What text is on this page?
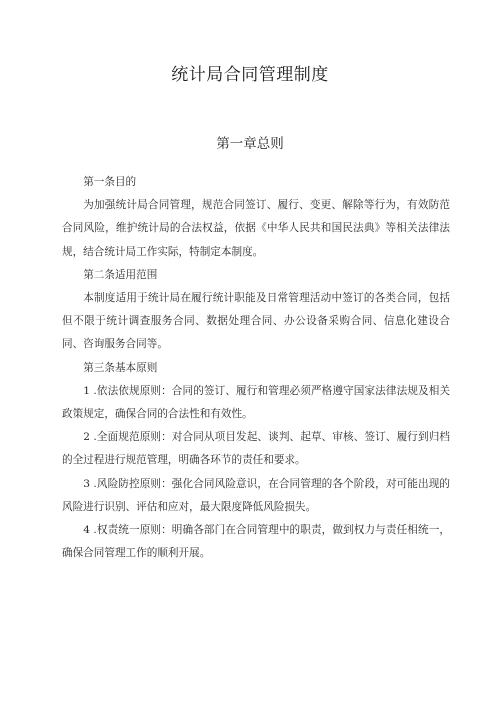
统计局合同管理制度
第一章总则

第一条目的

为加强统计局合同管理，规范合同签订、履行、变更、解除等行为，有效防范合同风险，维护统计局的合法权益，依据《中华人民共和国民法典》等相关法律法规，结合统计局工作实际，特制定本制度。

第二条适用范围

本制度适用于统计局在履行统计职能及日常管理活动中签订的各类合同，包括但不限于统计调查服务合同、数据处理合同、办公设备采购合同、信息化建设合同、咨询服务合同等。

第三条基本原则

1 .依法依规原则：合同的签订、履行和管理必须严格遵守国家法律法规及相关政策规定，确保合同的合法性和有效性。

2 .全面规范原则：对合同从项目发起、谈判、起草、审核、签订、履行到归档的全过程进行规范管理，明确各环节的责任和要求。

3 .风险防控原则：强化合同风险意识，在合同管理的各个阶段，对可能出现的风险进行识别、评估和应对，最大限度降低风险损失。

4 .权责统一原则：明确各部门在合同管理中的职责，做到权力与责任相统一，确保合同管理工作的顺利开展。
